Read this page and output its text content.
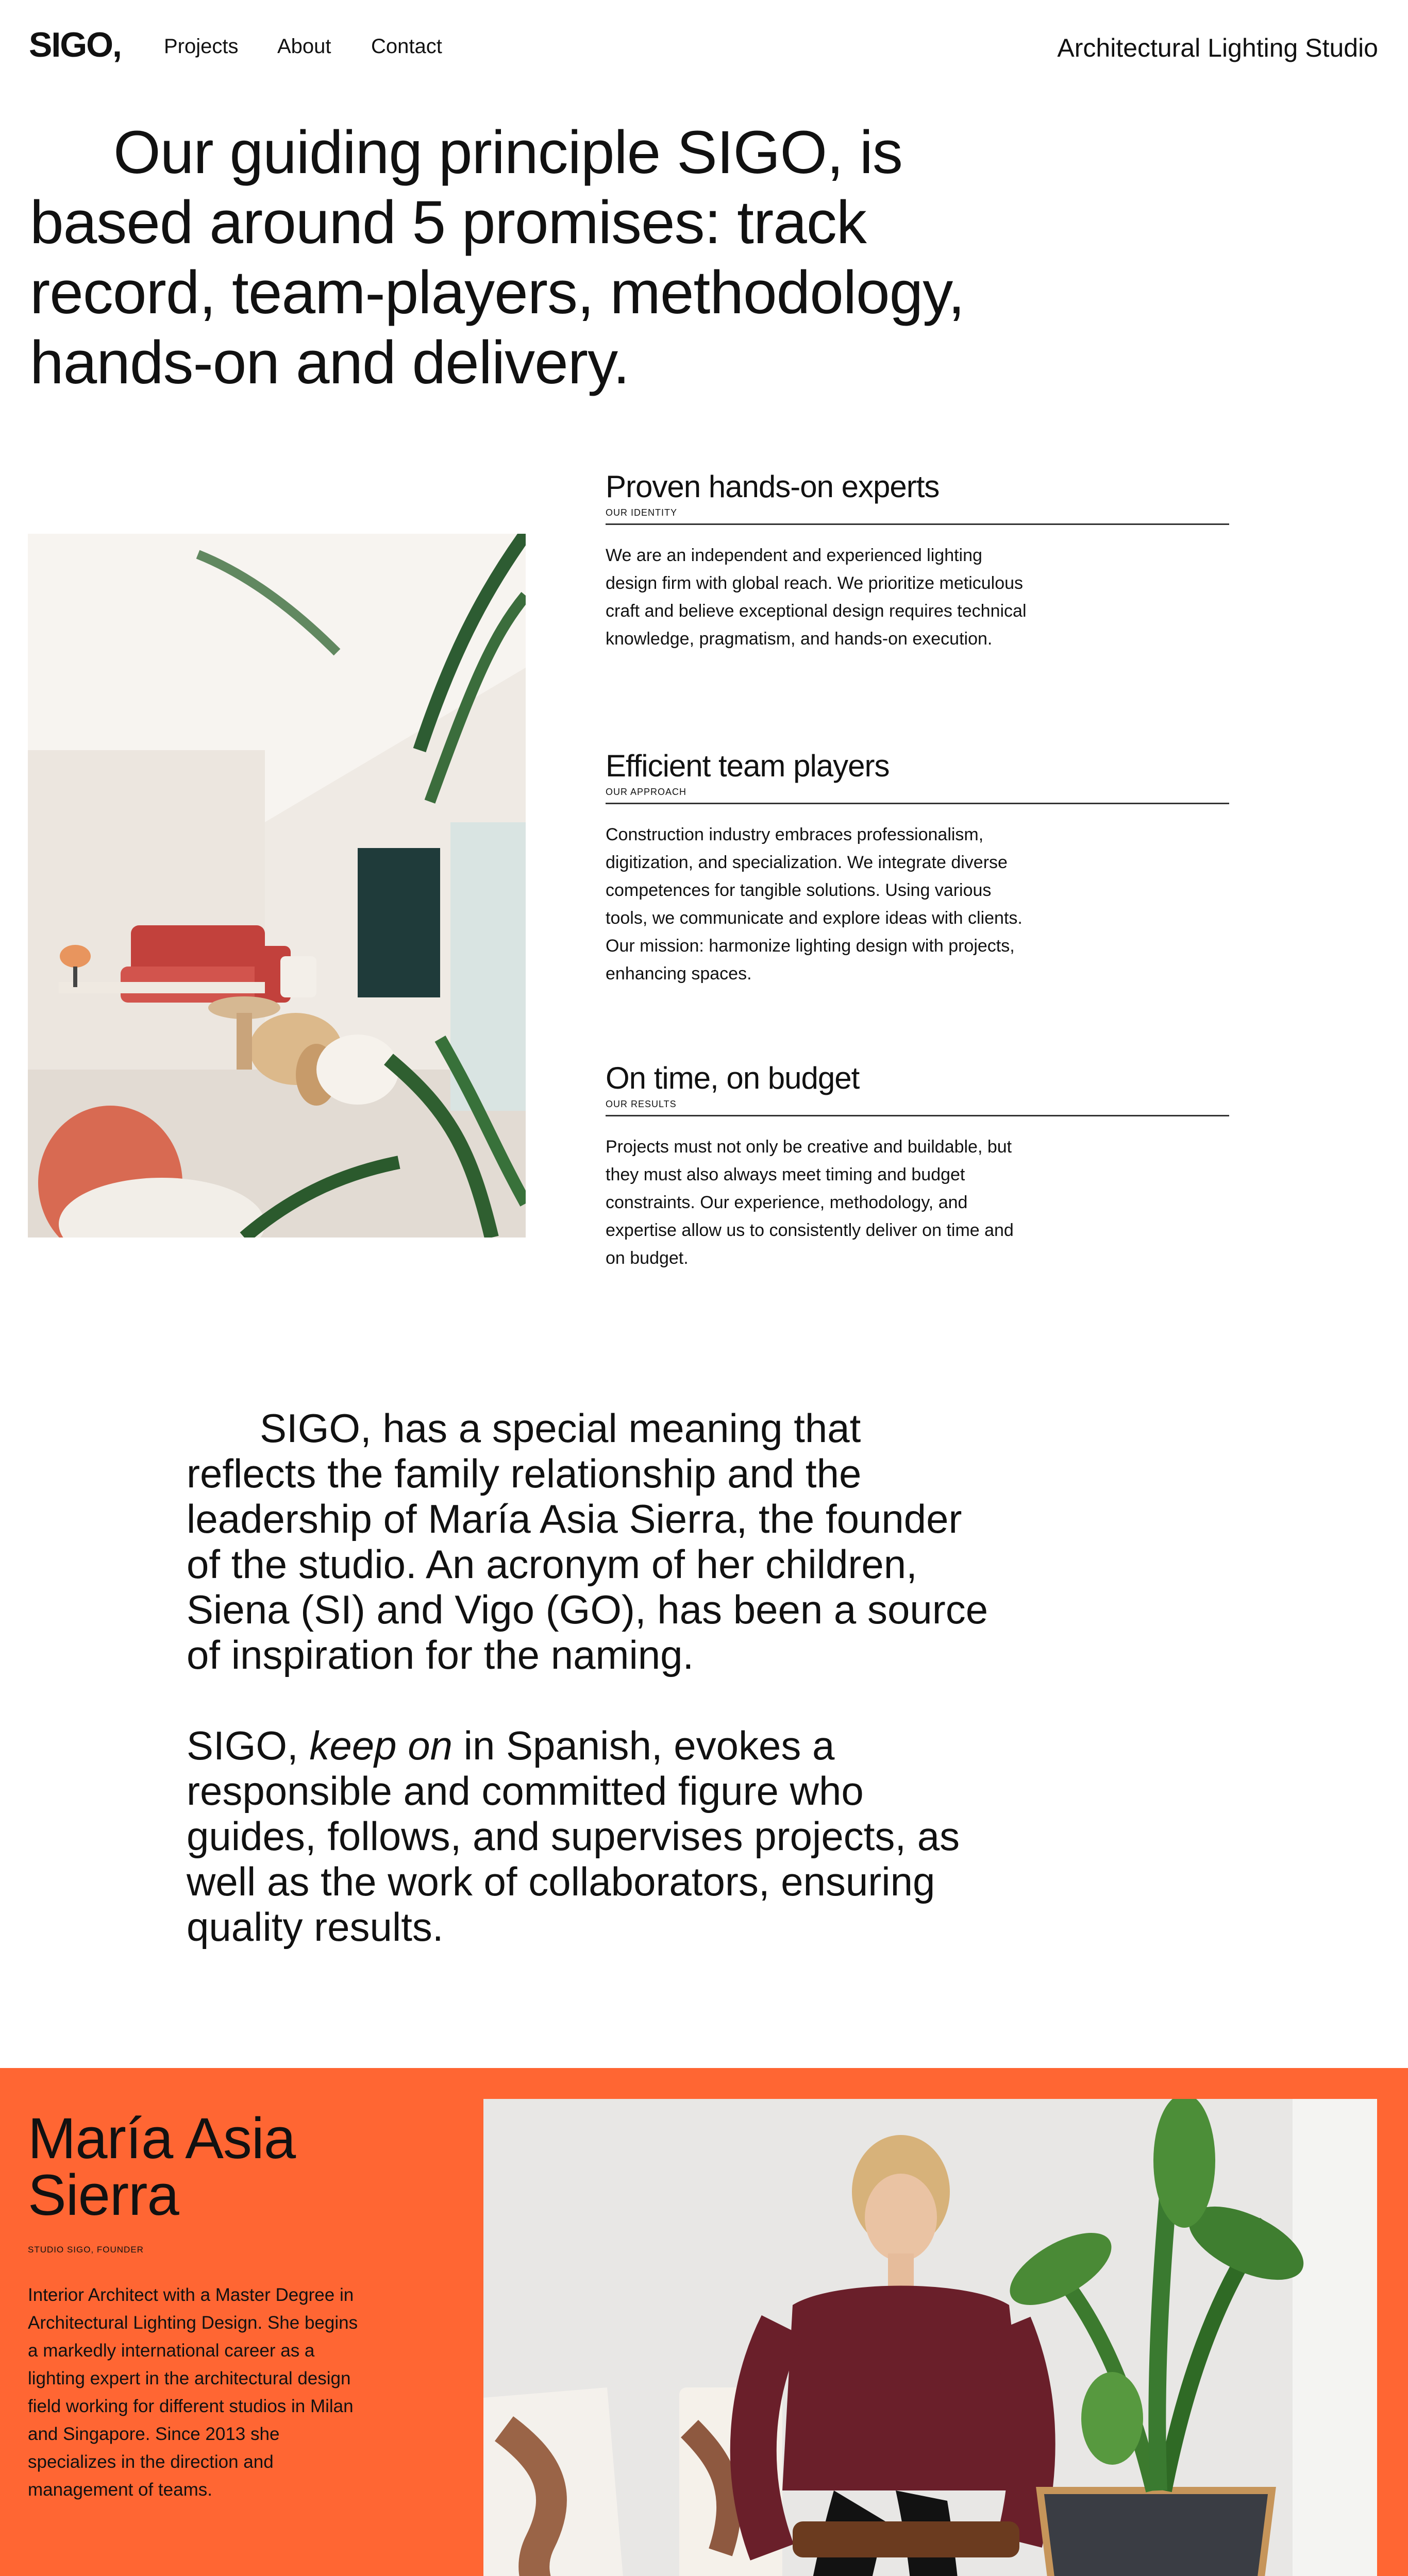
SIGO, Projects About Contact	Architectural Lighting Studio
Our guiding principle SIGO, is based around 5 promises: track record, team-players, methodology, hands-on and delivery.
Proven hands-on experts
OUR IDENTITY

We are an independent and experienced lighting design firm with global reach. We prioritize meticulous craft and believe exceptional design requires technical knowledge, pragmatism, and hands-on execution.

Efficient team players
OUR APPROACH

Construction industry embraces professionalism, digitization, and specialization. We integrate diverse competences for tangible solutions. Using various tools, we communicate and explore ideas with clients. Our mission: harmonize lighting design with projects, enhancing spaces.

On time, on budget
OUR RESULTS

Projects must not only be creative and buildable, but they must also always meet timing and budget constraints. Our experience, methodology, and expertise allow us to consistently deliver on time and on budget.

SIGO, has a special meaning that reflects the family relationship and the leadership of María Asia Sierra, the founder of the studio. An acronym of her children, Siena (SI) and Vigo (GO), has been a source of inspiration for the naming.

SIGO, keep on in Spanish, evokes a responsible and committed figure who guides, follows, and supervises projects, as well as the work of collaborators, ensuring quality results.
María Asia Sierra
STUDIO SIGO, FOUNDER
Interior Architect with a Master Degree in Architectural Lighting Design. She begins a markedly international career as a lighting expert in the architectural design field working for different studios in Milan and Singapore. Since 2013 she specializes in the direction and management of teams.
